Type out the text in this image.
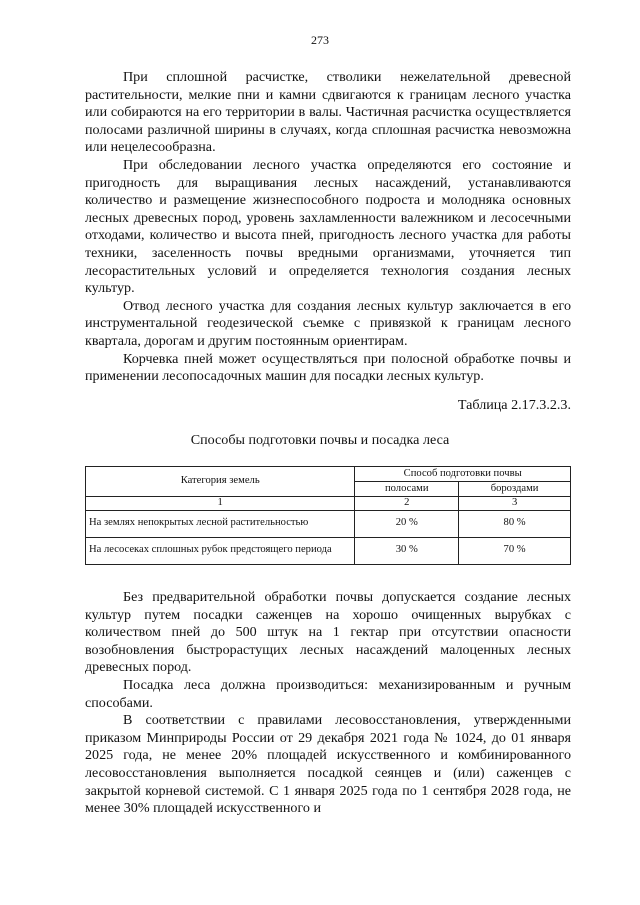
273

При сплошной расчистке, стволики нежелательной древесной растительности, мелкие пни и камни сдвигаются к границам лесного участка или собираются на его территории в валы. Частичная расчистка осуществляется полосами различной ширины в случаях, когда сплошная расчистка невозможна или нецелесообразна.

При обследовании лесного участка определяются его состояние и пригодность для выращивания лесных насаждений, устанавливаются количество и размещение жизнеспособного подроста и молодняка основных лесных древесных пород, уровень захламленности валежником и лесосечными отходами, количество и высота пней, пригодность лесного участка для работы техники, заселенность почвы вредными организмами, уточняется тип лесорастительных условий и определяется технология создания лесных культур.

Отвод лесного участка для создания лесных культур заключается в его инструментальной геодезической съемке с привязкой к границам лесного квартала, дорогам и другим постоянным ориентирам.

Корчевка пней может осуществляться при полосной обработке почвы и применении лесопосадочных машин для посадки лесных культур.

Таблица 2.17.3.2.3.
Способы подготовки почвы и посадка леса
Категория земель	Способ подготовки почвы	
	полосами	бороздами
1	2	3
На землях непокрытых лесной растительностью	20 %	80 %
На лесосеках сплошных рубок предстоящего периода	30 %	70 %

Без предварительной обработки почвы допускается создание лесных культур путем посадки саженцев на хорошо очищенных вырубках с количеством пней до 500 штук на 1 гектар при отсутствии опасности возобновления быстрорастущих лесных насаждений малоценных лесных древесных пород.

Посадка леса должна производиться: механизированным и ручным способами.

В соответствии с правилами лесовосстановления, утвержденными приказом Минприроды России от 29 декабря 2021 года № 1024, до 01 января 2025 года, не менее 20% площадей искусственного и комбинированного лесовосстановления выполняется посадкой сеянцев и (или) саженцев с закрытой корневой системой. С 1 января 2025 года по 1 сентября 2028 года, не менее 30% площадей искусственного и
